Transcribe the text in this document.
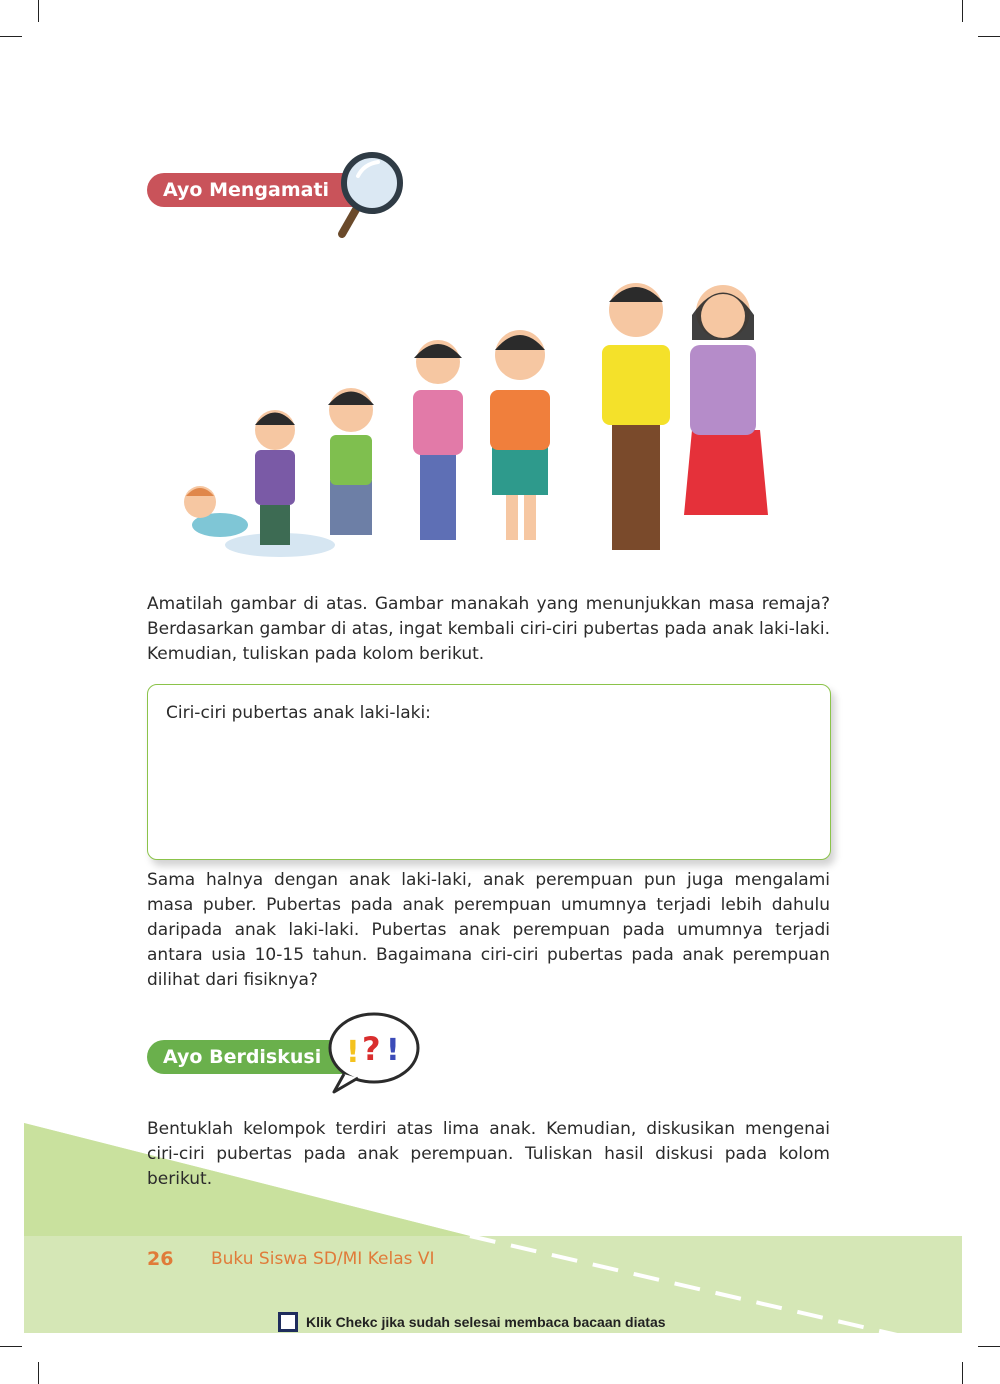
Ayo Mengamati

Amatilah gambar di atas. Gambar manakah yang menunjukkan masa remaja? Berdasarkan gambar di atas, ingat kembali ciri-ciri pubertas pada anak laki-laki. Kemudian, tuliskan pada kolom berikut.

Ciri-ciri pubertas anak laki-laki:

Sama halnya dengan anak laki-laki, anak perempuan pun juga mengalami masa puber. Pubertas pada anak perempuan umumnya terjadi lebih dahulu daripada anak laki-laki. Pubertas anak perempuan pada umumnya terjadi antara usia 10-15 tahun. Bagaimana ciri-ciri pubertas pada anak perempuan dilihat dari fisiknya?

Ayo Berdiskusi ! ? !

Bentuklah kelompok terdiri atas lima anak. Kemudian, diskusikan mengenai ciri-ciri pubertas pada anak perempuan. Tuliskan hasil diskusi pada kolom berikut.

26 Buku Siswa SD/MI Kelas VI
Klik Chekc jika sudah selesai membaca bacaan diatas
